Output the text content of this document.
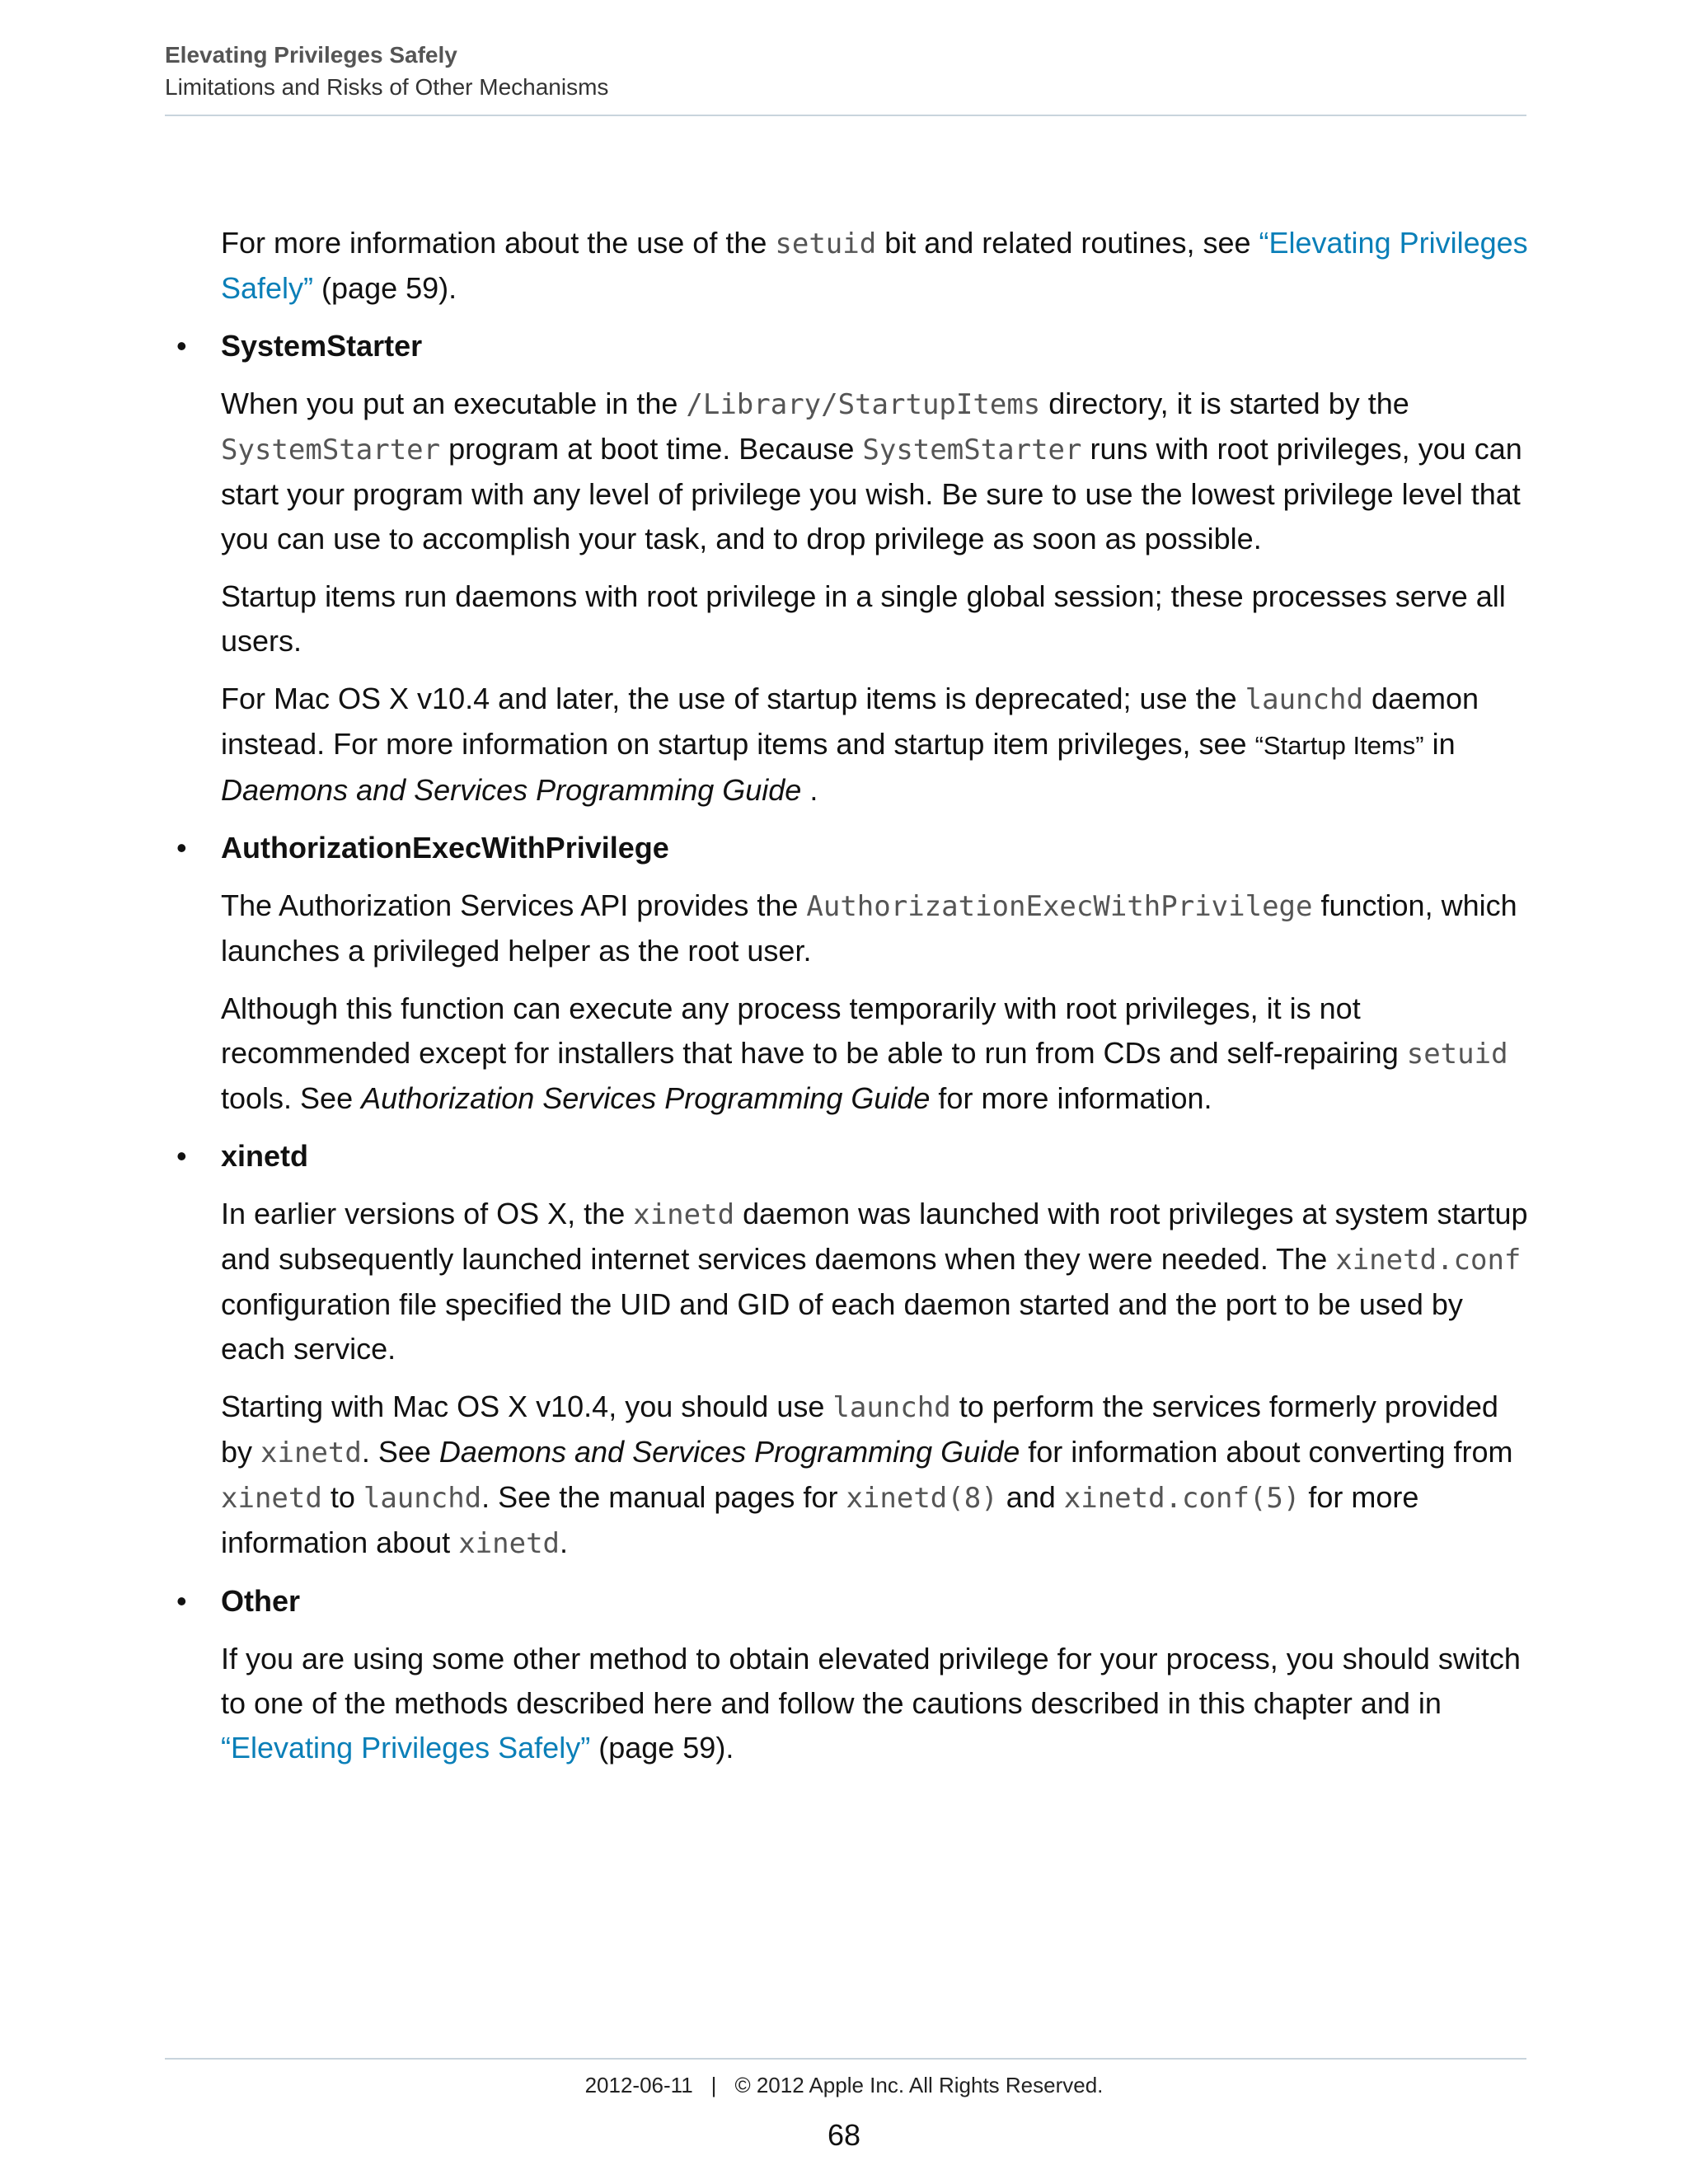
Elevating Privileges Safely
Limitations and Risks of Other Mechanisms

For more information about the use of the setuid bit and related routines, see “Elevating Privileges Safely” (page 59).

• SystemStarter

When you put an executable in the /Library/StartupItems directory, it is started by the SystemStarter program at boot time. Because SystemStarter runs with root privileges, you can start your program with any level of privilege you wish. Be sure to use the lowest privilege level that you can use to accomplish your task, and to drop privilege as soon as possible.

Startup items run daemons with root privilege in a single global session; these processes serve all users.

For Mac OS X v10.4 and later, the use of startup items is deprecated; use the launchd daemon instead. For more information on startup items and startup item privileges, see “Startup Items” in Daemons and Services Programming Guide .

• AuthorizationExecWithPrivilege

The Authorization Services API provides the AuthorizationExecWithPrivilege function, which launches a privileged helper as the root user.

Although this function can execute any process temporarily with root privileges, it is not recommended except for installers that have to be able to run from CDs and self-repairing setuid tools. See Authorization Services Programming Guide for more information.

• xinetd

In earlier versions of OS X, the xinetd daemon was launched with root privileges at system startup and subsequently launched internet services daemons when they were needed. The xinetd.conf configuration file specified the UID and GID of each daemon started and the port to be used by each service.

Starting with Mac OS X v10.4, you should use launchd to perform the services formerly provided by xinetd. See Daemons and Services Programming Guide for information about converting from xinetd to launchd. See the manual pages for xinetd(8) and xinetd.conf(5) for more information about xinetd.

• Other

If you are using some other method to obtain elevated privilege for your process, you should switch to one of the methods described here and follow the cautions described in this chapter and in “Elevating Privileges Safely” (page 59).

2012-06-11 | © 2012 Apple Inc. All Rights Reserved.
68
